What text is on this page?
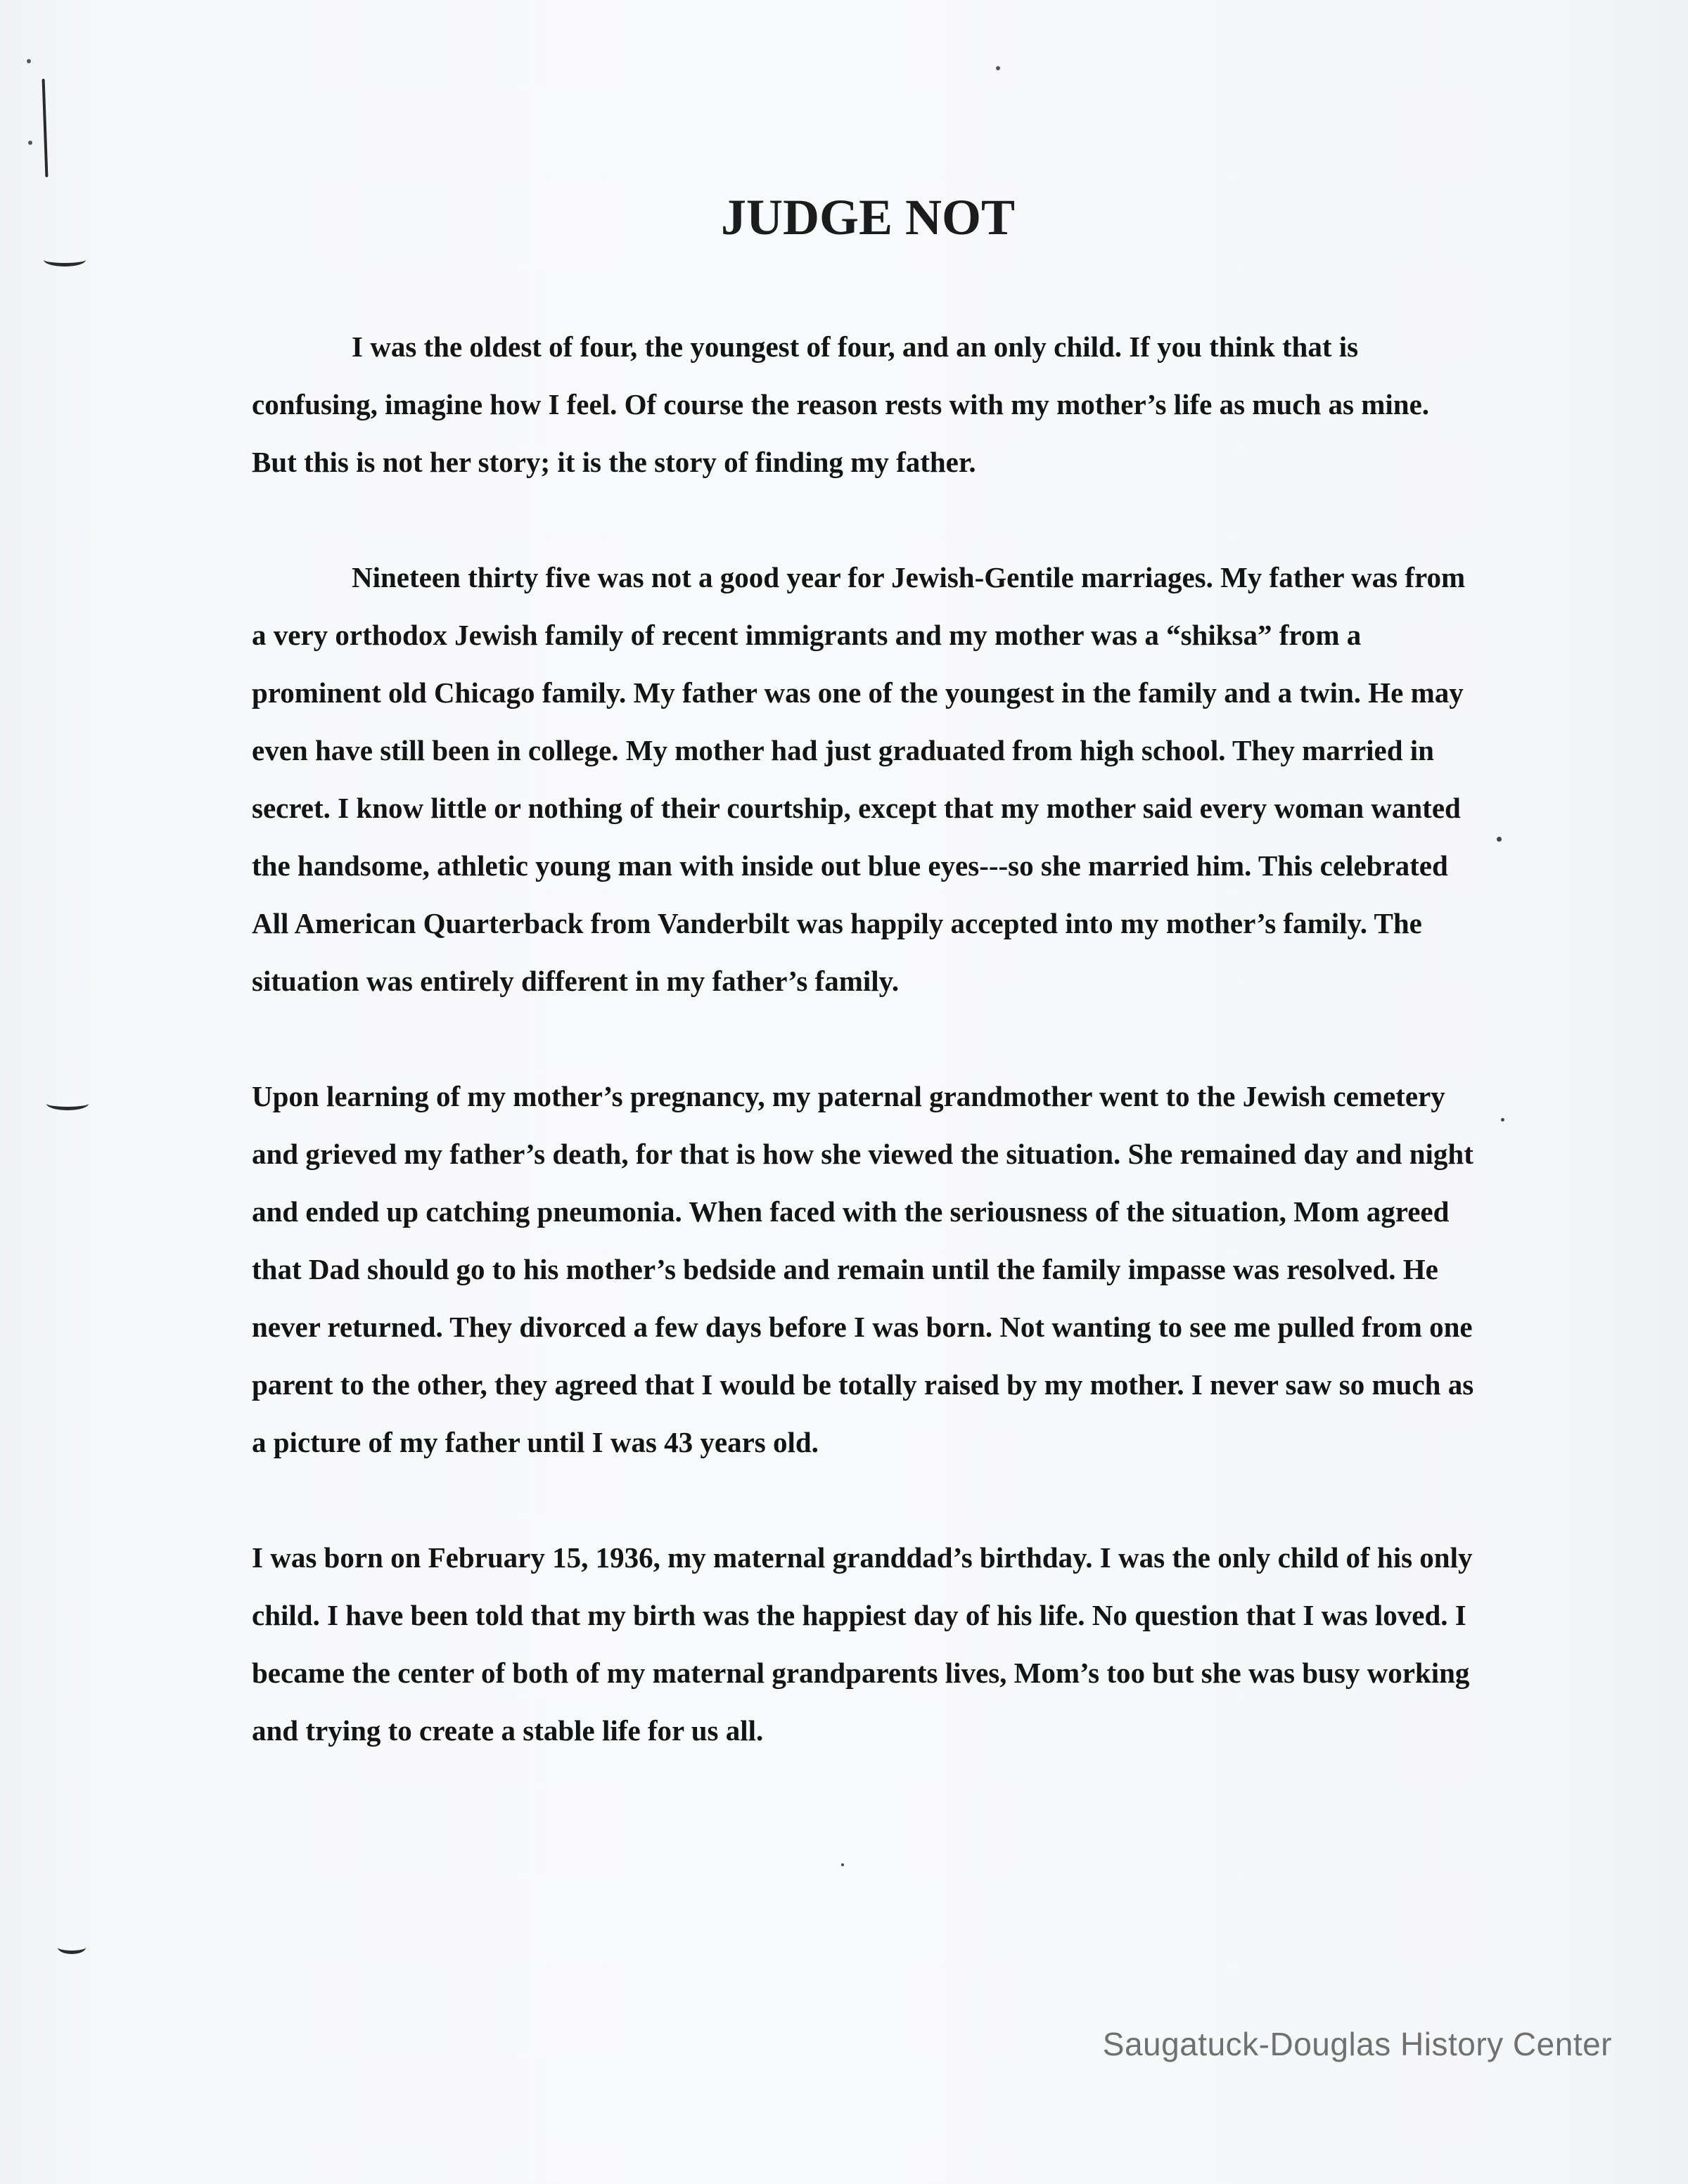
JUDGE NOT

I was the oldest of four, the youngest of four, and an only child. If you think that is confusing, imagine how I feel. Of course the reason rests with my mother’s life as much as mine. But this is not her story; it is the story of finding my father.

Nineteen thirty five was not a good year for Jewish-Gentile marriages. My father was from a very orthodox Jewish family of recent immigrants and my mother was a “shiksa” from a prominent old Chicago family. My father was one of the youngest in the family and a twin. He may even have still been in college. My mother had just graduated from high school. They married in secret. I know little or nothing of their courtship, except that my mother said every woman wanted the handsome, athletic young man with inside out blue eyes---so she married him. This celebrated All American Quarterback from Vanderbilt was happily accepted into my mother’s family. The situation was entirely different in my father’s family.

Upon learning of my mother’s pregnancy, my paternal grandmother went to the Jewish cemetery and grieved my father’s death, for that is how she viewed the situation. She remained day and night and ended up catching pneumonia. When faced with the seriousness of the situation, Mom agreed that Dad should go to his mother’s bedside and remain until the family impasse was resolved. He never returned. They divorced a few days before I was born. Not wanting to see me pulled from one parent to the other, they agreed that I would be totally raised by my mother. I never saw so much as a picture of my father until I was 43 years old.

I was born on February 15, 1936, my maternal granddad’s birthday. I was the only child of his only child. I have been told that my birth was the happiest day of his life. No question that I was loved. I became the center of both of my maternal grandparents lives, Mom’s too but she was busy working and trying to create a stable life for us all.

Saugatuck-Douglas History Center
